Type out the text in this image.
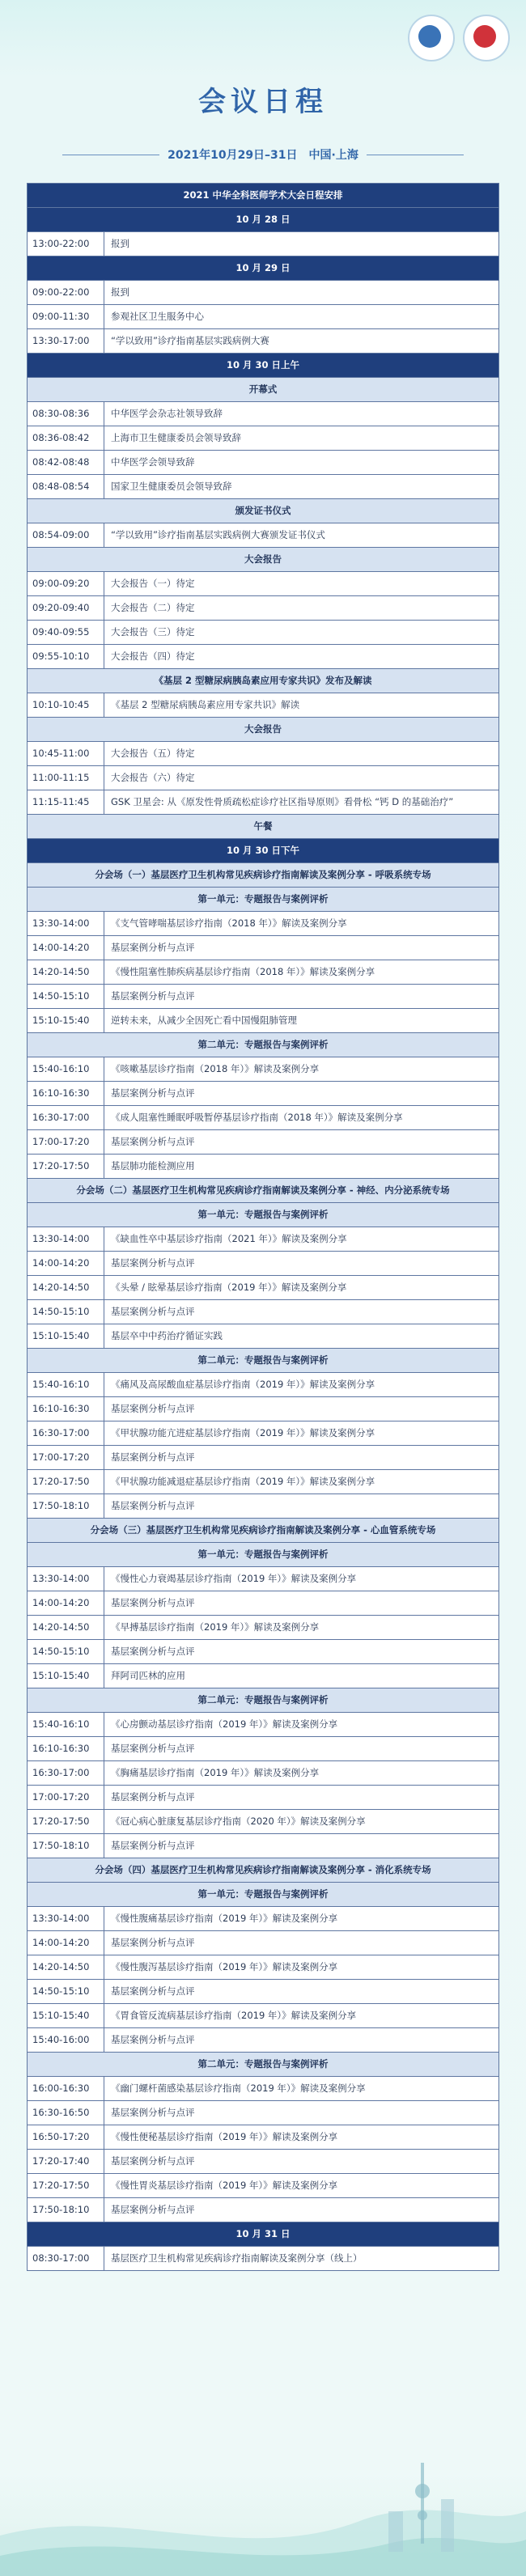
会议日程
2021年10月29日–31日　中国·上海
2021 中华全科医师学术大会日程安排
10 月 28 日
13:00-22:00	报到
10 月 29 日
09:00-22:00	报到
09:00-11:30	参观社区卫生服务中心
13:30-17:00	“学以致用”诊疗指南基层实践病例大赛
10 月 30 日上午
开幕式
08:30-08:36	中华医学会杂志社领导致辞
08:36-08:42	上海市卫生健康委员会领导致辞
08:42-08:48	中华医学会领导致辞
08:48-08:54	国家卫生健康委员会领导致辞
颁发证书仪式
08:54-09:00	“学以致用”诊疗指南基层实践病例大赛颁发证书仪式
大会报告
09:00-09:20	大会报告（一）待定
09:20-09:40	大会报告（二）待定
09:40-09:55	大会报告（三）待定
09:55-10:10	大会报告（四）待定
《基层 2 型糖尿病胰岛素应用专家共识》发布及解读
10:10-10:45	《基层 2 型糖尿病胰岛素应用专家共识》解读
大会报告
10:45-11:00	大会报告（五）待定
11:00-11:15	大会报告（六）待定
11:15-11:45	GSK 卫星会: 从《原发性骨质疏松症诊疗社区指导原则》看骨松 “钙 D 的基础治疗”
午餐
10 月 30 日下午
分会场（一）基层医疗卫生机构常见疾病诊疗指南解读及案例分享 - 呼吸系统专场
第一单元：专题报告与案例评析
13:30-14:00	《支气管哮喘基层诊疗指南（2018 年）》解读及案例分享
14:00-14:20	基层案例分析与点评
14:20-14:50	《慢性阻塞性肺疾病基层诊疗指南（2018 年）》解读及案例分享
14:50-15:10	基层案例分析与点评
15:10-15:40	逆转未来，从减少全因死亡看中国慢阻肺管理
第二单元：专题报告与案例评析
15:40-16:10	《咳嗽基层诊疗指南（2018 年）》解读及案例分享
16:10-16:30	基层案例分析与点评
16:30-17:00	《成人阻塞性睡眠呼吸暂停基层诊疗指南（2018 年）》解读及案例分享
17:00-17:20	基层案例分析与点评
17:20-17:50	基层肺功能检测应用
分会场（二）基层医疗卫生机构常见疾病诊疗指南解读及案例分享 - 神经、内分泌系统专场
第一单元：专题报告与案例评析
13:30-14:00	《缺血性卒中基层诊疗指南（2021 年）》解读及案例分享
14:00-14:20	基层案例分析与点评
14:20-14:50	《头晕 / 眩晕基层诊疗指南（2019 年）》解读及案例分享
14:50-15:10	基层案例分析与点评
15:10-15:40	基层卒中中药治疗循证实践
第二单元：专题报告与案例评析
15:40-16:10	《痛风及高尿酸血症基层诊疗指南（2019 年）》解读及案例分享
16:10-16:30	基层案例分析与点评
16:30-17:00	《甲状腺功能亢进症基层诊疗指南（2019 年）》解读及案例分享
17:00-17:20	基层案例分析与点评
17:20-17:50	《甲状腺功能减退症基层诊疗指南（2019 年）》解读及案例分享
17:50-18:10	基层案例分析与点评
分会场（三）基层医疗卫生机构常见疾病诊疗指南解读及案例分享 - 心血管系统专场
第一单元：专题报告与案例评析
13:30-14:00	《慢性心力衰竭基层诊疗指南（2019 年）》解读及案例分享
14:00-14:20	基层案例分析与点评
14:20-14:50	《早搏基层诊疗指南（2019 年）》解读及案例分享
14:50-15:10	基层案例分析与点评
15:10-15:40	拜阿司匹林的应用
第二单元：专题报告与案例评析
15:40-16:10	《心房颤动基层诊疗指南（2019 年）》解读及案例分享
16:10-16:30	基层案例分析与点评
16:30-17:00	《胸痛基层诊疗指南（2019 年）》解读及案例分享
17:00-17:20	基层案例分析与点评
17:20-17:50	《冠心病心脏康复基层诊疗指南（2020 年）》解读及案例分享
17:50-18:10	基层案例分析与点评
分会场（四）基层医疗卫生机构常见疾病诊疗指南解读及案例分享 - 消化系统专场
第一单元：专题报告与案例评析
13:30-14:00	《慢性腹痛基层诊疗指南（2019 年）》解读及案例分享
14:00-14:20	基层案例分析与点评
14:20-14:50	《慢性腹泻基层诊疗指南（2019 年）》解读及案例分享
14:50-15:10	基层案例分析与点评
15:10-15:40	《胃食管反流病基层诊疗指南（2019 年）》解读及案例分享
15:40-16:00	基层案例分析与点评
第二单元：专题报告与案例评析
16:00-16:30	《幽门螺杆菌感染基层诊疗指南（2019 年）》解读及案例分享
16:30-16:50	基层案例分析与点评
16:50-17:20	《慢性便秘基层诊疗指南（2019 年）》解读及案例分享
17:20-17:40	基层案例分析与点评
17:20-17:50	《慢性胃炎基层诊疗指南（2019 年）》解读及案例分享
17:50-18:10	基层案例分析与点评
10 月 31 日
08:30-17:00	基层医疗卫生机构常见疾病诊疗指南解读及案例分享（线上）
